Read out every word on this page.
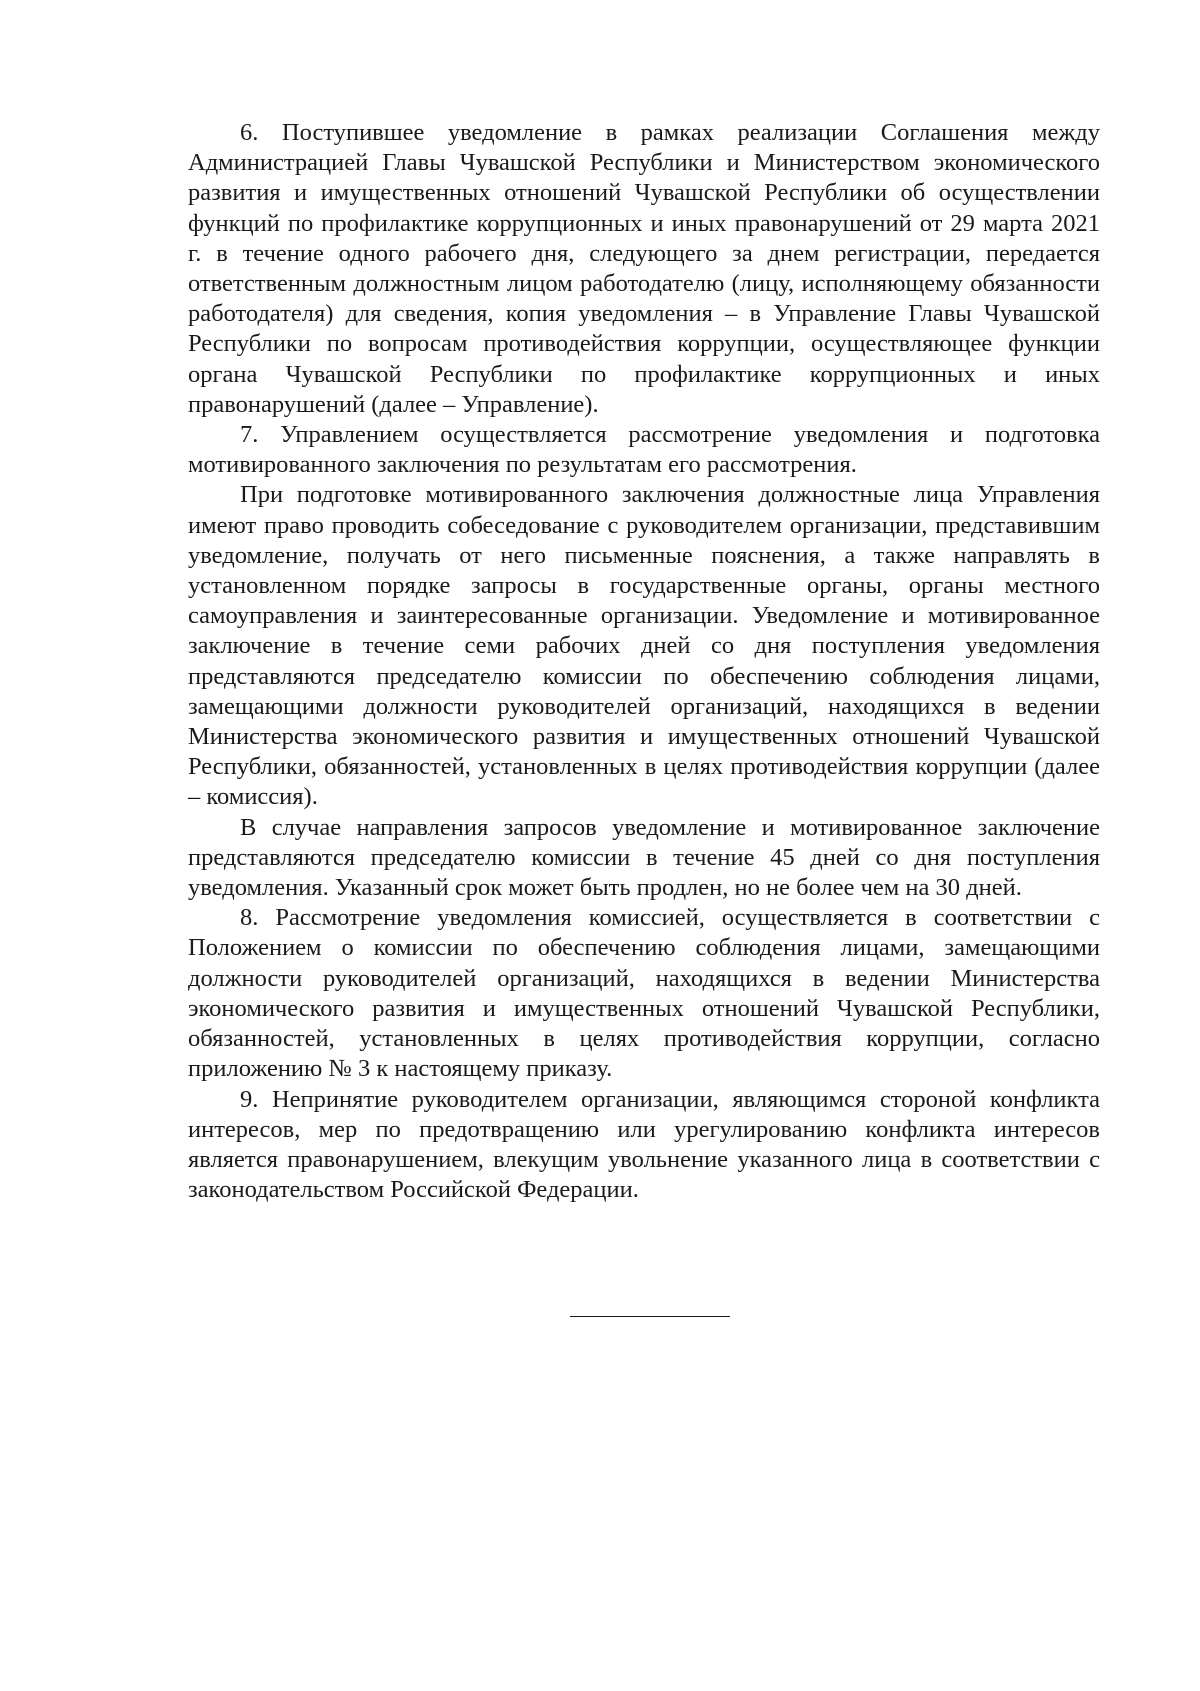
6. Поступившее уведомление в рамках реализации Соглашения между Администрацией Главы Чувашской Республики и Министерством экономического развития и имущественных отношений Чувашской Республики об осуществлении функций по профилактике коррупционных и иных правонарушений от 29 марта 2021 г. в течение одного рабочего дня, следующего за днем регистрации, передается ответственным должностным лицом работодателю (лицу, исполняющему обязанности работодателя) для сведения, копия уведомления – в Управление Главы Чувашской Республики по вопросам противодействия коррупции, осуществляющее функции органа Чувашской Республики по профилактике коррупционных и иных правонарушений (далее – Управление).

7. Управлением осуществляется рассмотрение уведомления и подготовка мотивированного заключения по результатам его рассмотрения.

При подготовке мотивированного заключения должностные лица Управления имеют право проводить собеседование с руководителем организации, представившим уведомление, получать от него письменные пояснения, а также направлять в установленном порядке запросы в государственные органы, органы местного самоуправления и заинтересованные организации. Уведомление и мотивированное заключение в течение семи рабочих дней со дня поступления уведомления представляются председателю комиссии по обеспечению соблюдения лицами, замещающими должности руководителей организаций, находящихся в ведении Министерства экономического развития и имущественных отношений Чувашской Республики, обязанностей, установленных в целях противодействия коррупции (далее – комиссия).

В случае направления запросов уведомление и мотивированное заключение представляются председателю комиссии в течение 45 дней со дня поступления уведомления. Указанный срок может быть продлен, но не более чем на 30 дней.

8. Рассмотрение уведомления комиссией, осуществляется в соответствии с Положением о комиссии по обеспечению соблюдения лицами, замещающими должности руководителей организаций, находящихся в ведении Министерства экономического развития и имущественных отношений Чувашской Республики, обязанностей, установленных в целях противодействия коррупции, согласно приложению № 3 к настоящему приказу.

9. Непринятие руководителем организации, являющимся стороной конфликта интересов, мер по предотвращению или урегулированию конфликта интересов является правонарушением, влекущим увольнение указанного лица в соответствии с законодательством Российской Федерации.
